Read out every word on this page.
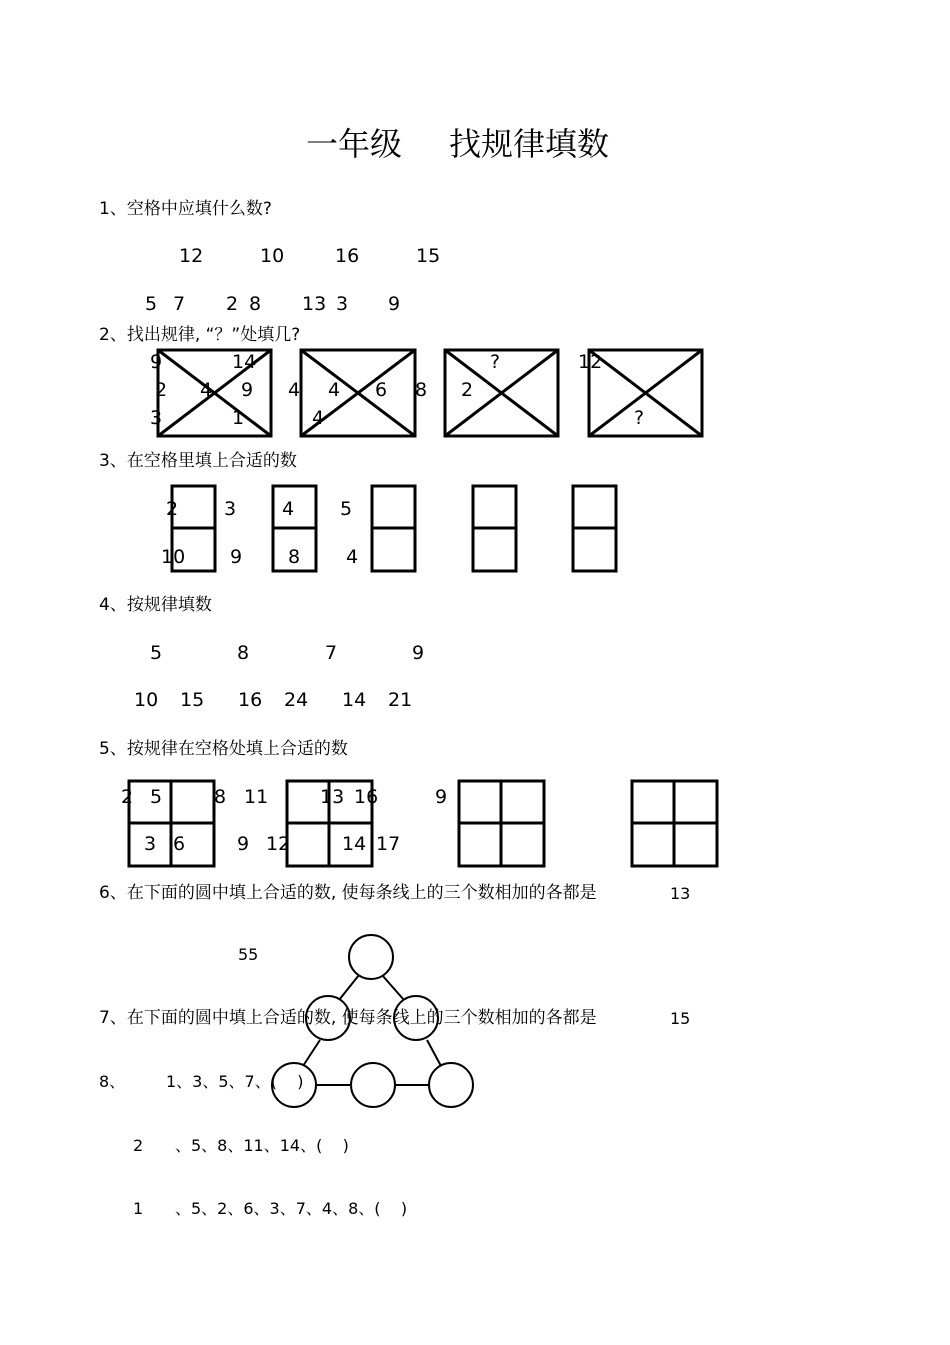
一年级 找规律填数
1、空格中应填什么数?
12	10	16	15
5 7 2 8 13 3 9
2、找出规律, “？”处填几?
9	14
2 4 9
3	1
4 4 6 8
4
?
2
12
?
3、在空格里填上合适的数
2 3 4 5
10 9 8 4
4、按规律填数
5	8	7	9
10 15 16 24 14 21
5、按规律在空格处填上合适的数
2 5	8 11	13 16	9
3 6	9 12	14 17
6、在下面的圆中填上合适的数, 使每条线上的三个数相加的各都是	13
55
7、在下面的圆中填上合适的数, 使每条线上的三个数相加的各都是	15
8、	1、3、5、7、(    )
2 、5、8、11、14、(    )
1 、5、2、6、3、7、4、8、(    )
